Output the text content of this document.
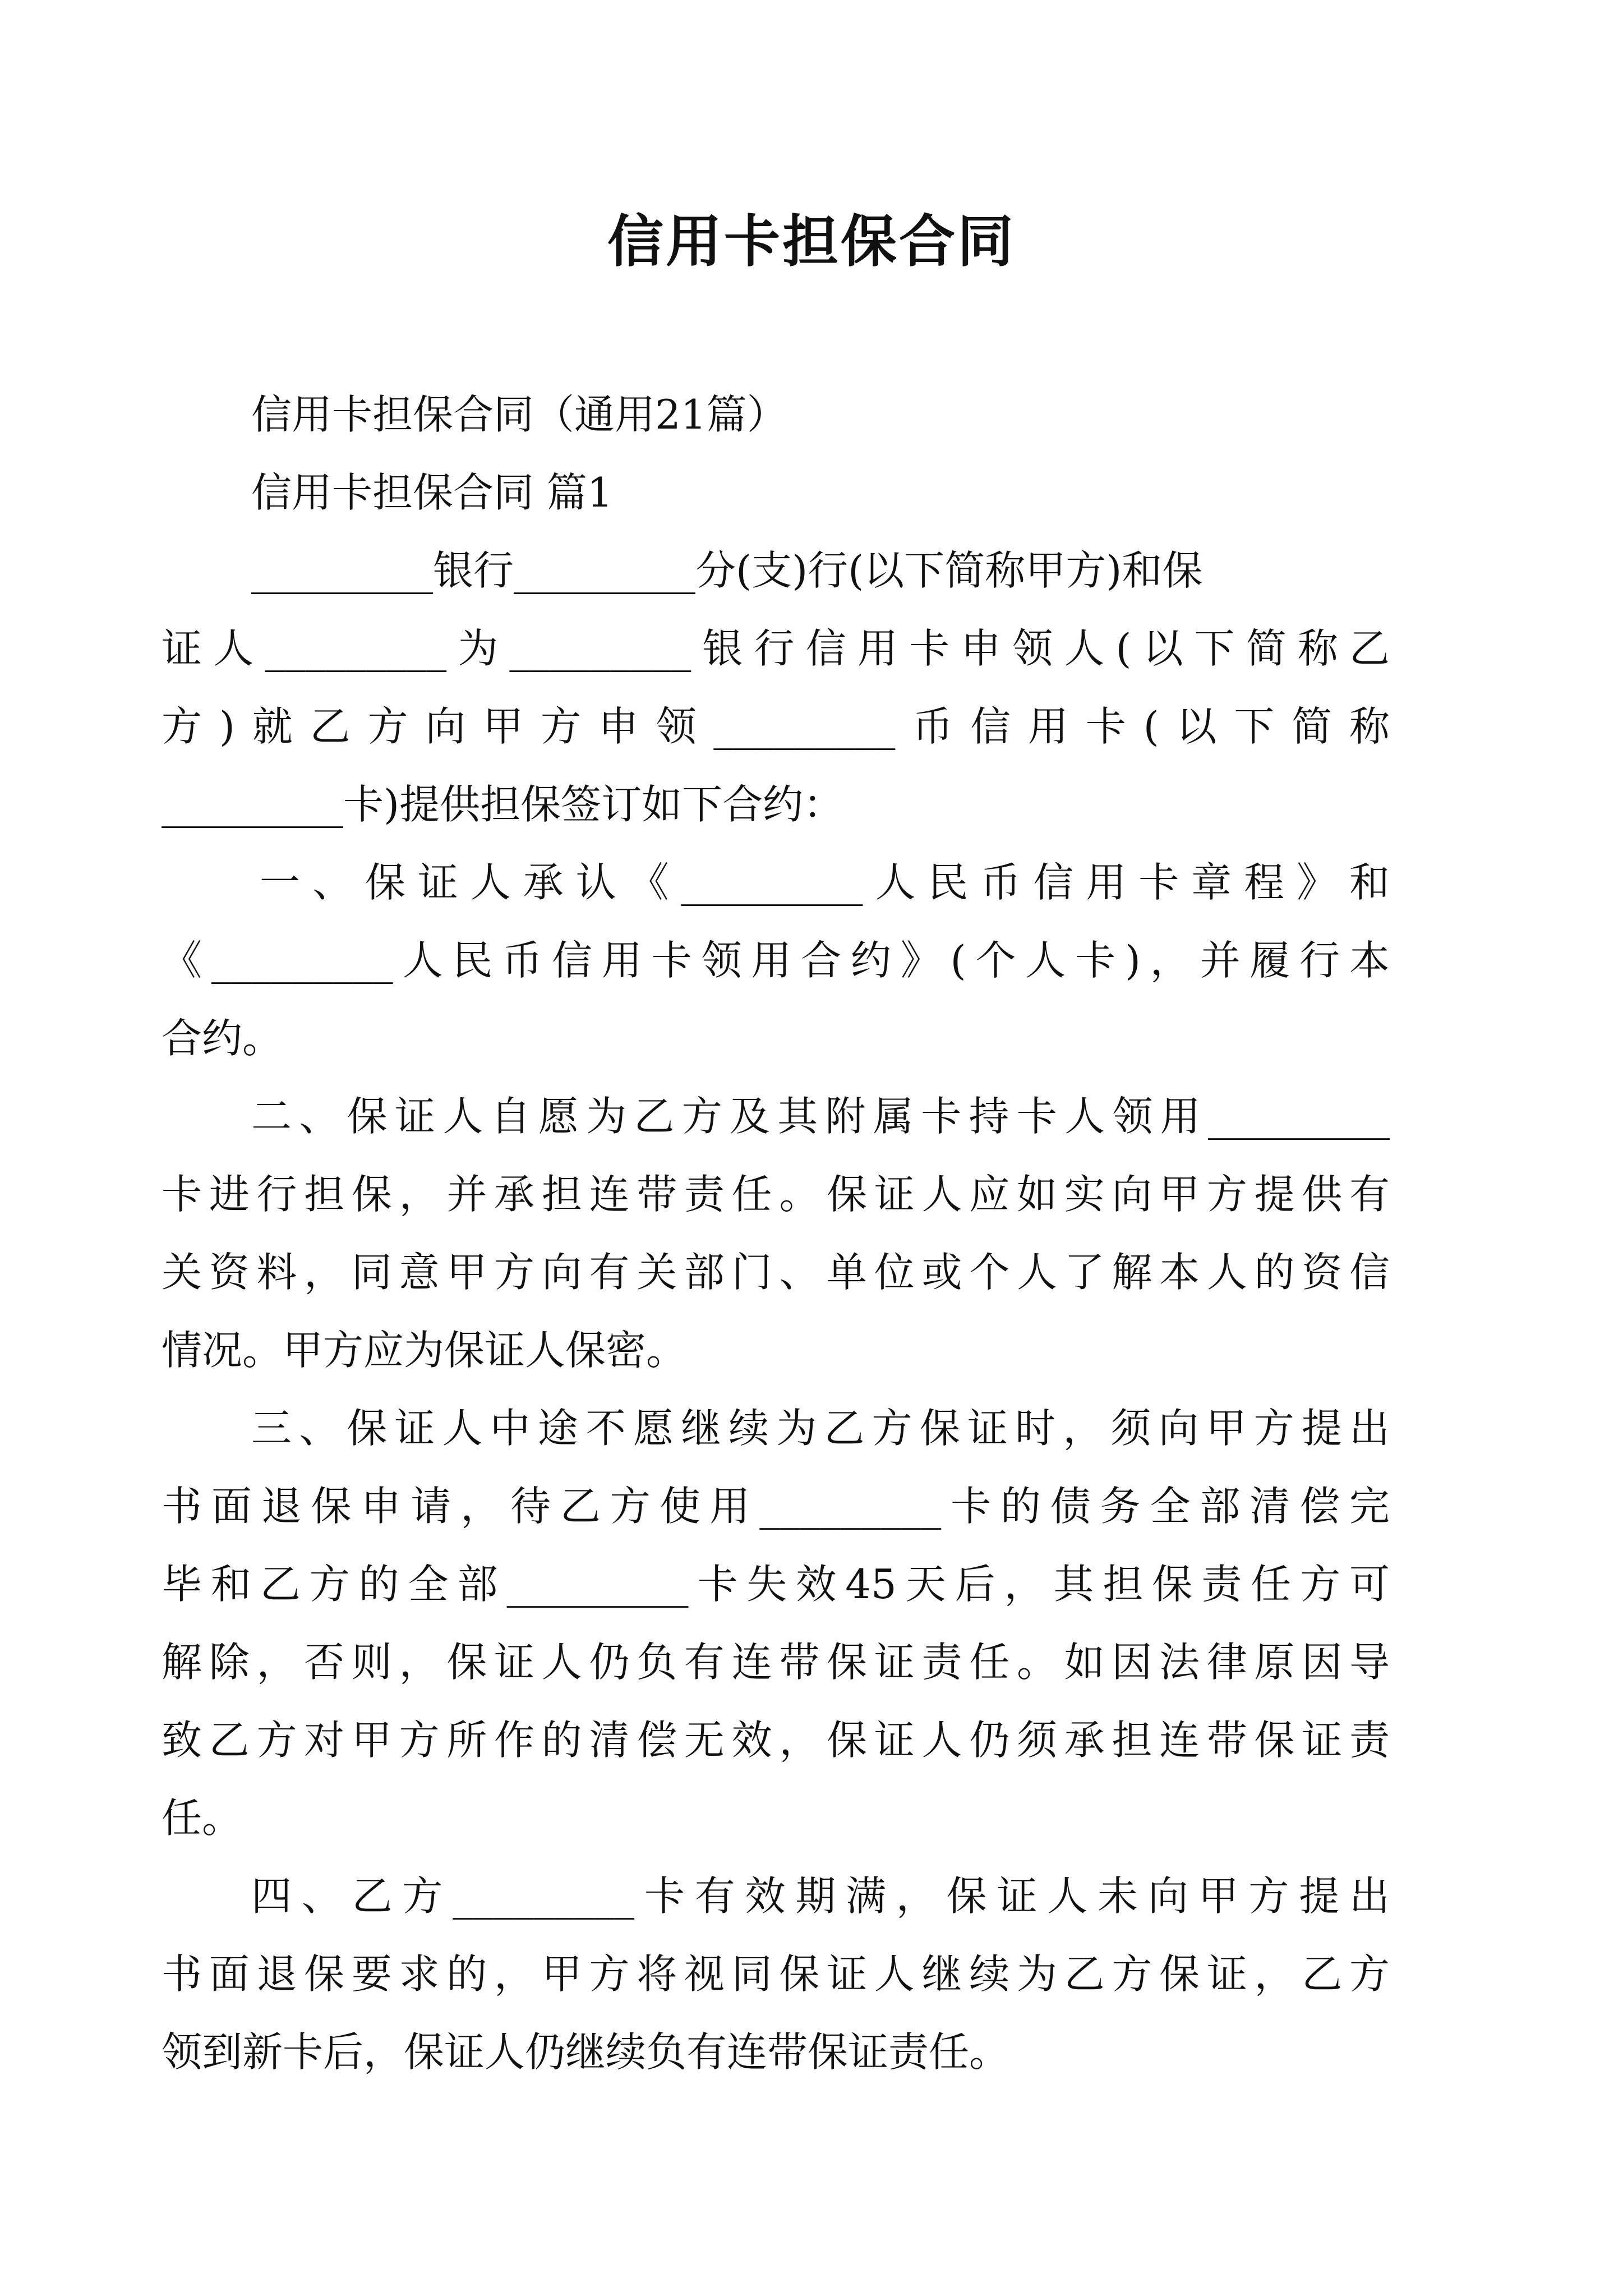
信用卡担保合同
信用卡担保合同（通用21篇）
信用卡担保合同 篇1
_________银行_________分(支)行(以下简称甲方)和保
证人_________为_________银行信用卡申领人(以下简称乙
方)就乙方向甲方申领_________币信用卡(以下简称
_________卡)提供担保签订如下合约：
一、保证人承认《_________人民币信用卡章程》和
《_________人民币信用卡领用合约》(个人卡)，并履行本
合约。
二、保证人自愿为乙方及其附属卡持卡人领用_________
卡进行担保，并承担连带责任。保证人应如实向甲方提供有
关资料，同意甲方向有关部门、单位或个人了解本人的资信
情况。甲方应为保证人保密。
三、保证人中途不愿继续为乙方保证时，须向甲方提出
书面退保申请，待乙方使用_________卡的债务全部清偿完
毕和乙方的全部_________卡失效45天后，其担保责任方可
解除，否则，保证人仍负有连带保证责任。如因法律原因导
致乙方对甲方所作的清偿无效，保证人仍须承担连带保证责
任。
四、乙方_________卡有效期满，保证人未向甲方提出
书面退保要求的，甲方将视同保证人继续为乙方保证，乙方
领到新卡后，保证人仍继续负有连带保证责任。
